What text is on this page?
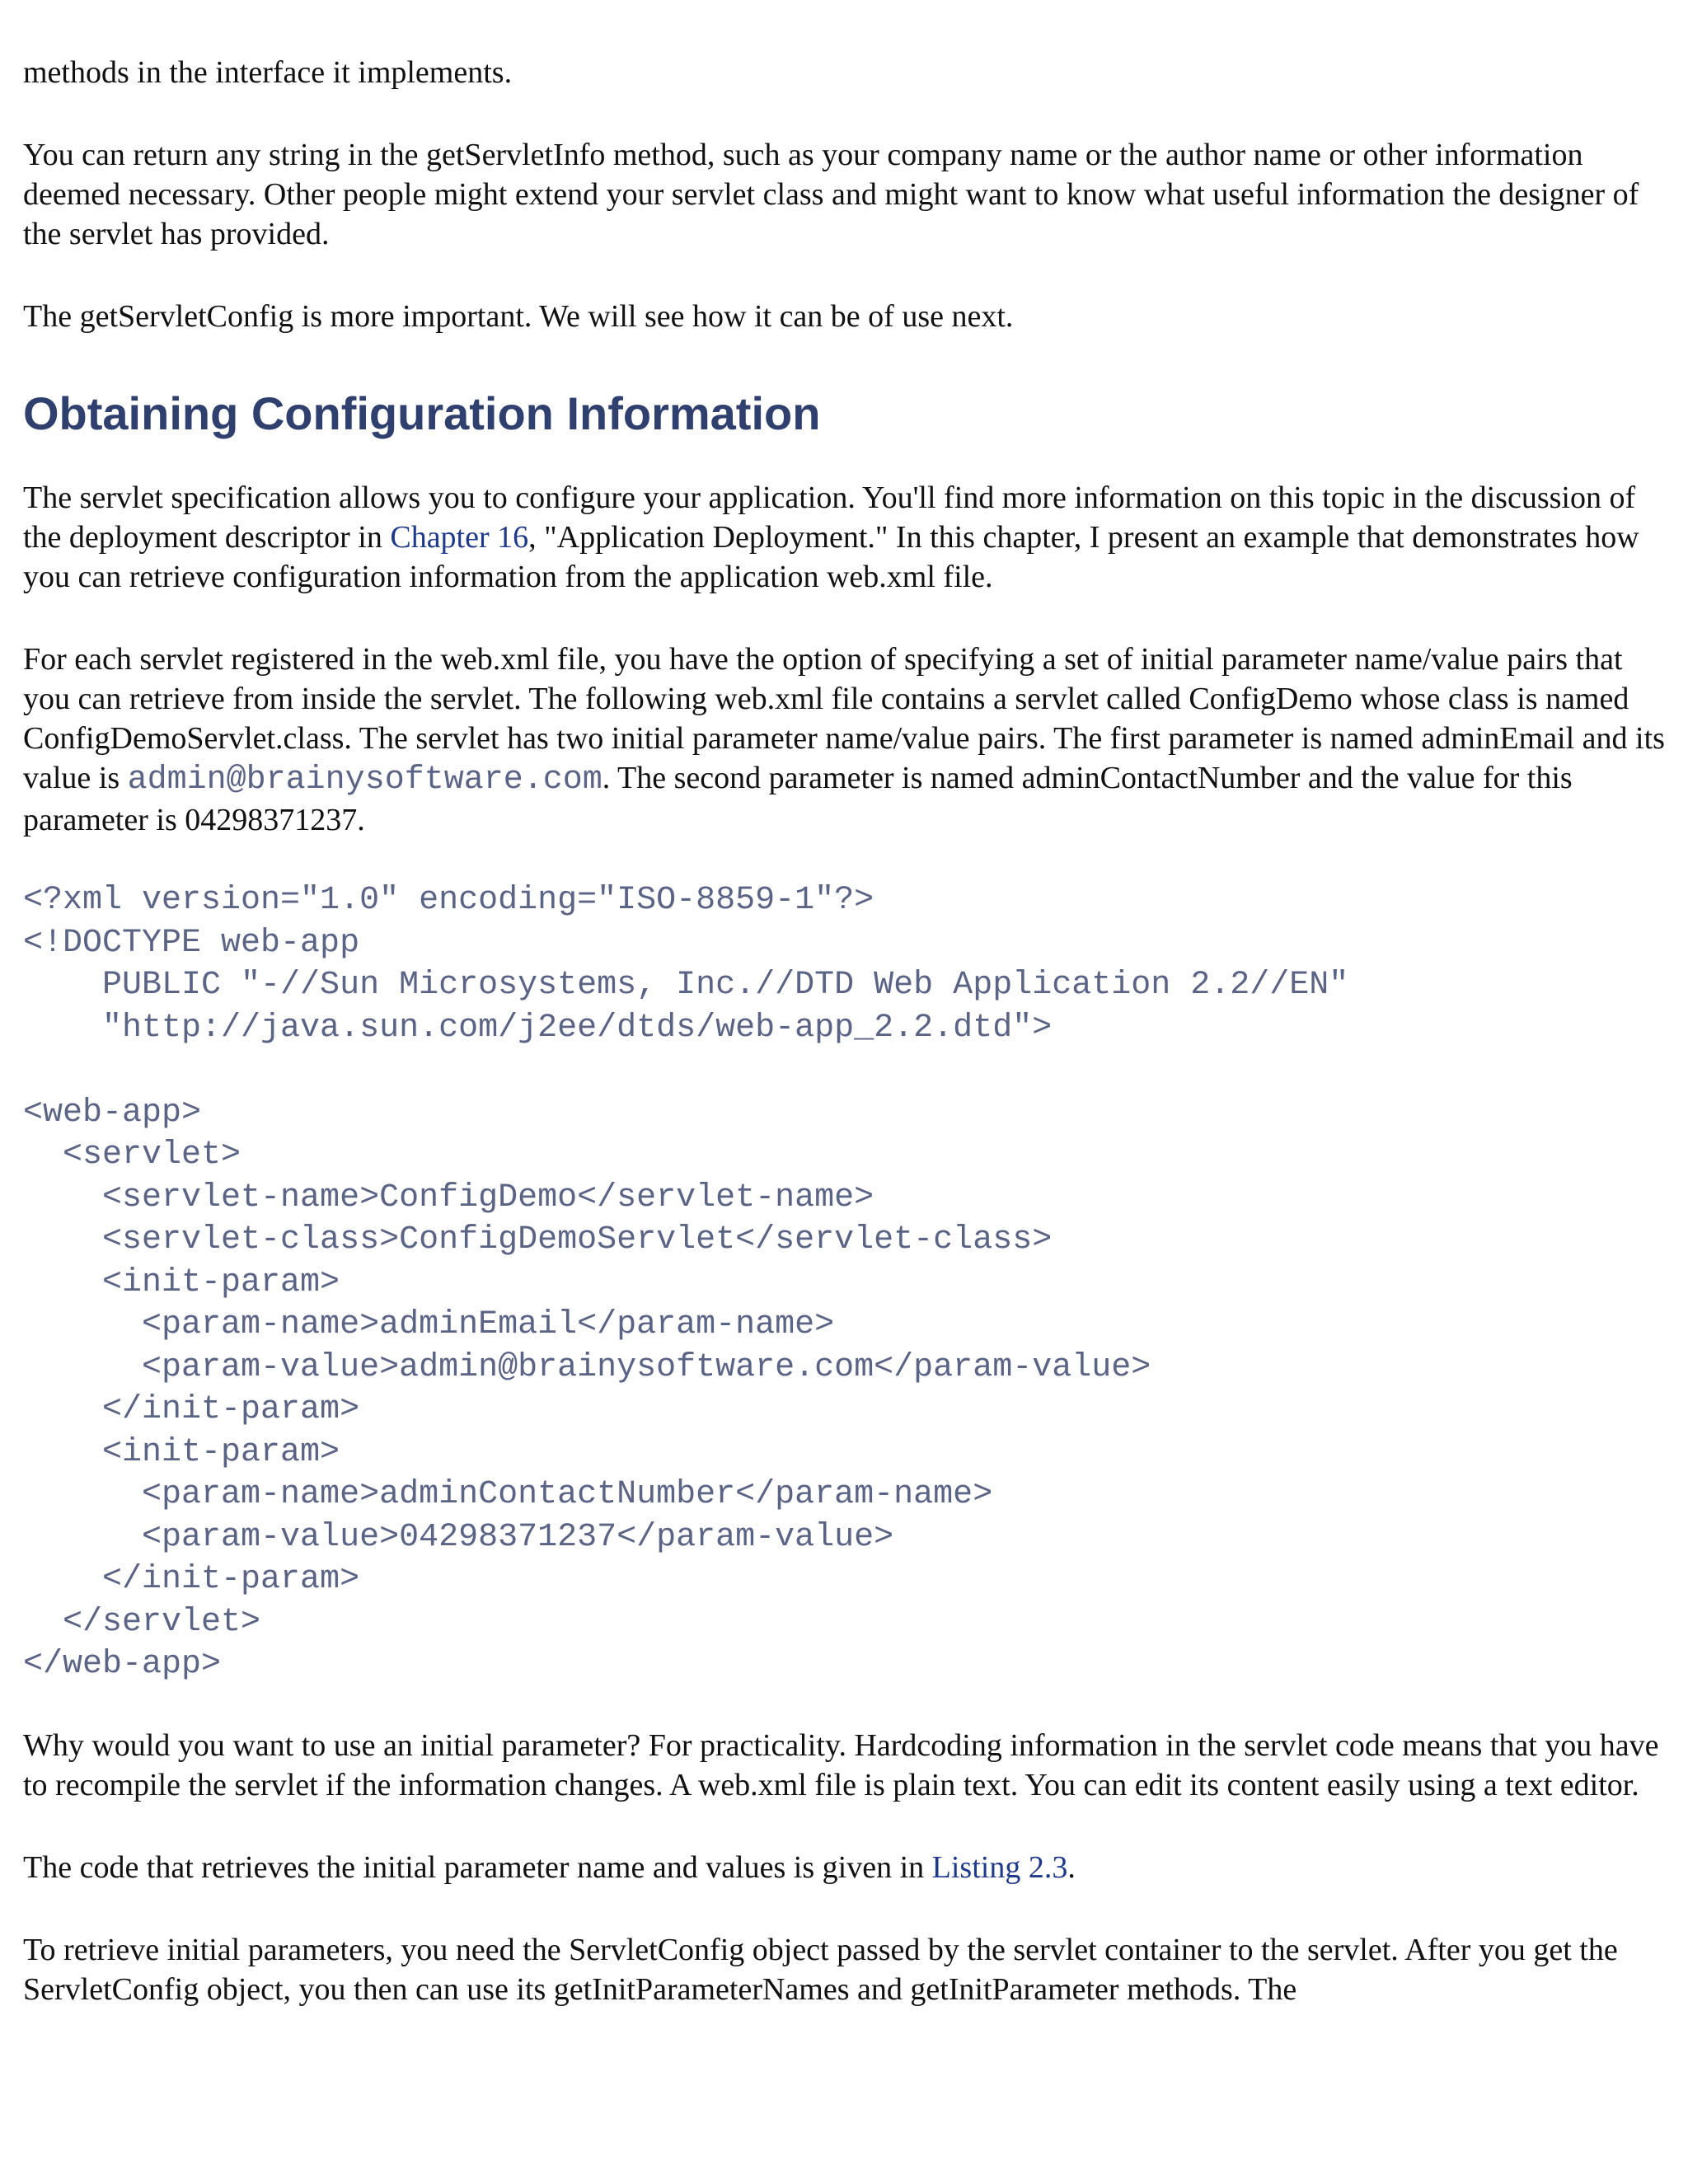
methods in the interface it implements.

You can return any string in the getServletInfo method, such as your company name or the author name or other information deemed necessary. Other people might extend your servlet class and might want to know what useful information the designer of the servlet has provided.

The getServletConfig is more important. We will see how it can be of use next.

Obtaining Configuration Information

The servlet specification allows you to configure your application. You'll find more information on this topic in the discussion of the deployment descriptor in Chapter 16, "Application Deployment." In this chapter, I present an example that demonstrates how you can retrieve configuration information from the application web.xml file.

For each servlet registered in the web.xml file, you have the option of specifying a set of initial parameter name/value pairs that you can retrieve from inside the servlet. The following web.xml file contains a servlet called ConfigDemo whose class is named ConfigDemoServlet.class. The servlet has two initial parameter name/value pairs. The first parameter is named adminEmail and its value is admin@brainysoftware.com. The second parameter is named adminContactNumber and the value for this parameter is 04298371237.

<?xml version="1.0" encoding="ISO-8859-1"?>
<!DOCTYPE web-app
PUBLIC "-//Sun Microsystems, Inc.//DTD Web Application 2.2//EN"
"http://java.sun.com/j2ee/dtds/web-app_2.2.dtd">
<web-app>
<servlet>
<servlet-name>ConfigDemo</servlet-name>
<servlet-class>ConfigDemoServlet</servlet-class>
<init-param>
<param-name>adminEmail</param-name>
<param-value>admin@brainysoftware.com</param-value>
</init-param>
<init-param>
<param-name>adminContactNumber</param-name>
<param-value>04298371237</param-value>
</init-param>
</servlet>
</web-app>

Why would you want to use an initial parameter? For practicality. Hardcoding information in the servlet code means that you have to recompile the servlet if the information changes. A web.xml file is plain text. You can edit its content easily using a text editor.

The code that retrieves the initial parameter name and values is given in Listing 2.3.

To retrieve initial parameters, you need the ServletConfig object passed by the servlet container to the servlet. After you get the ServletConfig object, you then can use its getInitParameterNames and getInitParameter methods. The
